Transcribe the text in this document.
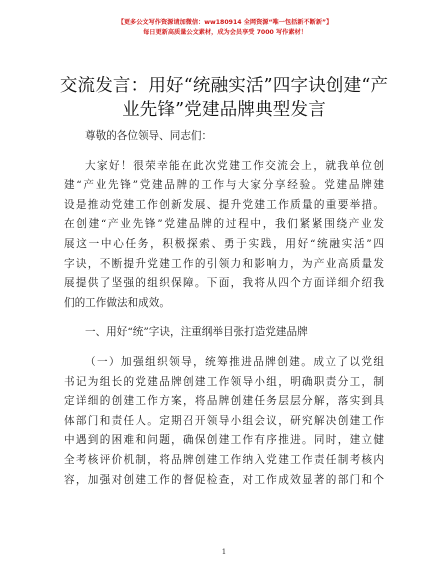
【更多公文写作资源请加微信：ww180914 全网资源“唯一包括新不断新”】
每日更新高质量公文素材，成为会员享受 7000 写作素材！
交流发言：用好“统融实活”四字诀创建“产
业先锋”党建品牌典型发言
尊敬的各位领导、同志们：
大家好！很荣幸能在此次党建工作交流会上，就我单位创
建“产业先锋”党建品牌的工作与大家分享经验。党建品牌建
设是推动党建工作创新发展、提升党建工作质量的重要举措。
在创建“产业先锋”党建品牌的过程中，我们紧紧围绕产业发
展这一中心任务，积极探索、勇于实践，用好“统融实活”四
字诀，不断提升党建工作的引领力和影响力，为产业高质量发
展提供了坚强的组织保障。下面，我将从四个方面详细介绍我
们的工作做法和成效。
一、用好“统”字诀，注重纲举目张打造党建品牌
（一）加强组织领导，统筹推进品牌创建。成立了以党组
书记为组长的党建品牌创建工作领导小组，明确职责分工，制
定详细的创建工作方案，将品牌创建任务层层分解，落实到具
体部门和责任人。定期召开领导小组会议，研究解决创建工作
中遇到的困难和问题，确保创建工作有序推进。同时，建立健
全考核评价机制，将品牌创建工作纳入党建工作责任制考核内
容，加强对创建工作的督促检查，对工作成效显著的部门和个
1
